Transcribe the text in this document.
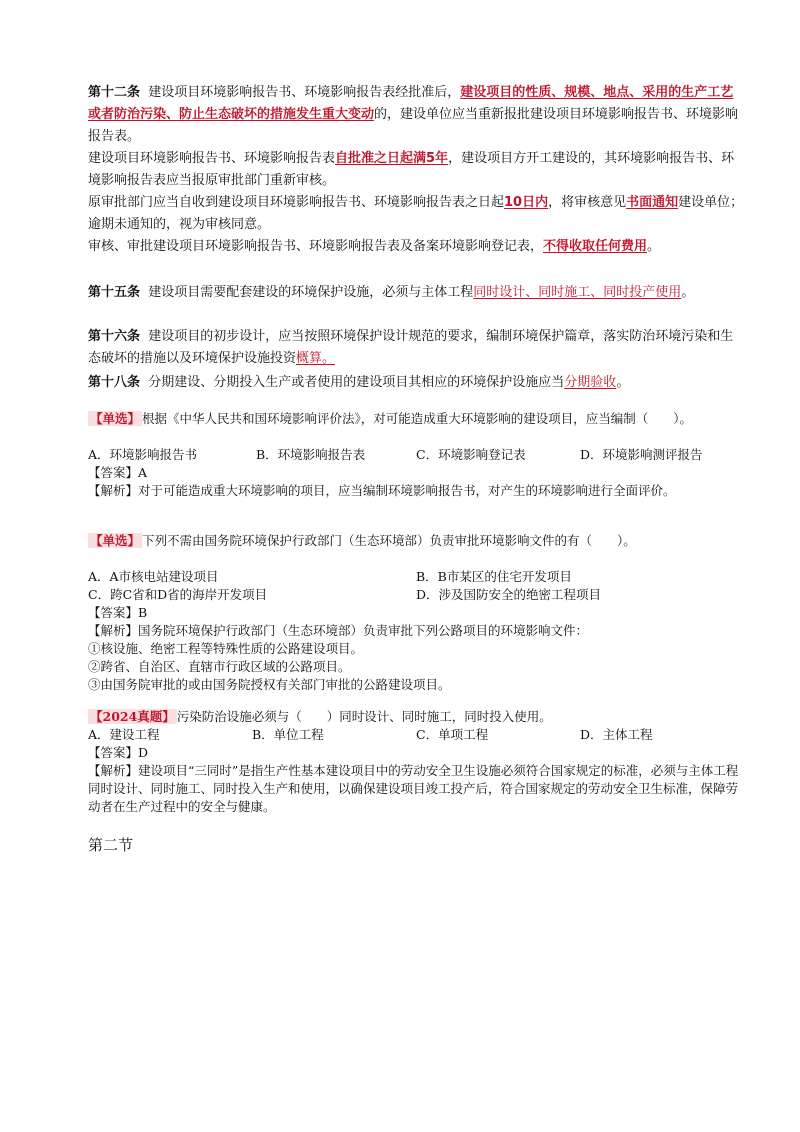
第十二条 建设项目环境影响报告书、环境影响报告表经批准后，建设项目的性质、规模、地点、采用的生产工艺或者防治污染、防止生态破坏的措施发生重大变动的，建设单位应当重新报批建设项目环境影响报告书、环境影响报告表。

建设项目环境影响报告书、环境影响报告表自批准之日起满5年，建设项目方开工建设的，其环境影响报告书、环境影响报告表应当报原审批部门重新审核。

原审批部门应当自收到建设项目环境影响报告书、环境影响报告表之日起10日内，将审核意见书面通知建设单位；逾期未通知的，视为审核同意。

审核、审批建设项目环境影响报告书、环境影响报告表及备案环境影响登记表，不得收取任何费用。

第十五条 建设项目需要配套建设的环境保护设施，必须与主体工程同时设计、同时施工、同时投产使用。

第十六条 建设项目的初步设计，应当按照环境保护设计规范的要求，编制环境保护篇章，落实防治环境污染和生态破坏的措施以及环境保护设施投资概算。

第十八条 分期建设、分期投入生产或者使用的建设项目其相应的环境保护设施应当分期验收。

【单选】 根据《中华人民共和国环境影响评价法》，对可能造成重大环境影响的建设项目，应当编制（　　）。

A．环境影响报告书	B．环境影响报告表	C．环境影响登记表	D．环境影响测评报告

【答案】A

【解析】对于可能造成重大环境影响的项目，应当编制环境影响报告书，对产生的环境影响进行全面评价。

【单选】 下列不需由国务院环境保护行政部门（生态环境部）负责审批环境影响文件的有（　　）。

A．A市核电站建设项目	B．B市某区的住宅开发项目
C．跨C省和D省的海岸开发项目	D．涉及国防安全的绝密工程项目

【答案】B

【解析】国务院环境保护行政部门（生态环境部）负责审批下列公路项目的环境影响文件：

①核设施、绝密工程等特殊性质的公路建设项目。

②跨省、自治区、直辖市行政区域的公路项目。

③由国务院审批的或由国务院授权有关部门审批的公路建设项目。

【2024真题】 污染防治设施必须与（　　）同时设计、同时施工，同时投入使用。

A．建设工程	B．单位工程	C．单项工程	D．主体工程

【答案】D

【解析】建设项目“三同时”是指生产性基本建设项目中的劳动安全卫生设施必须符合国家规定的标准，必须与主体工程同时设计、同时施工、同时投入生产和使用，以确保建设项目竣工投产后，符合国家规定的劳动安全卫生标准，保障劳动者在生产过程中的安全与健康。

第二节
